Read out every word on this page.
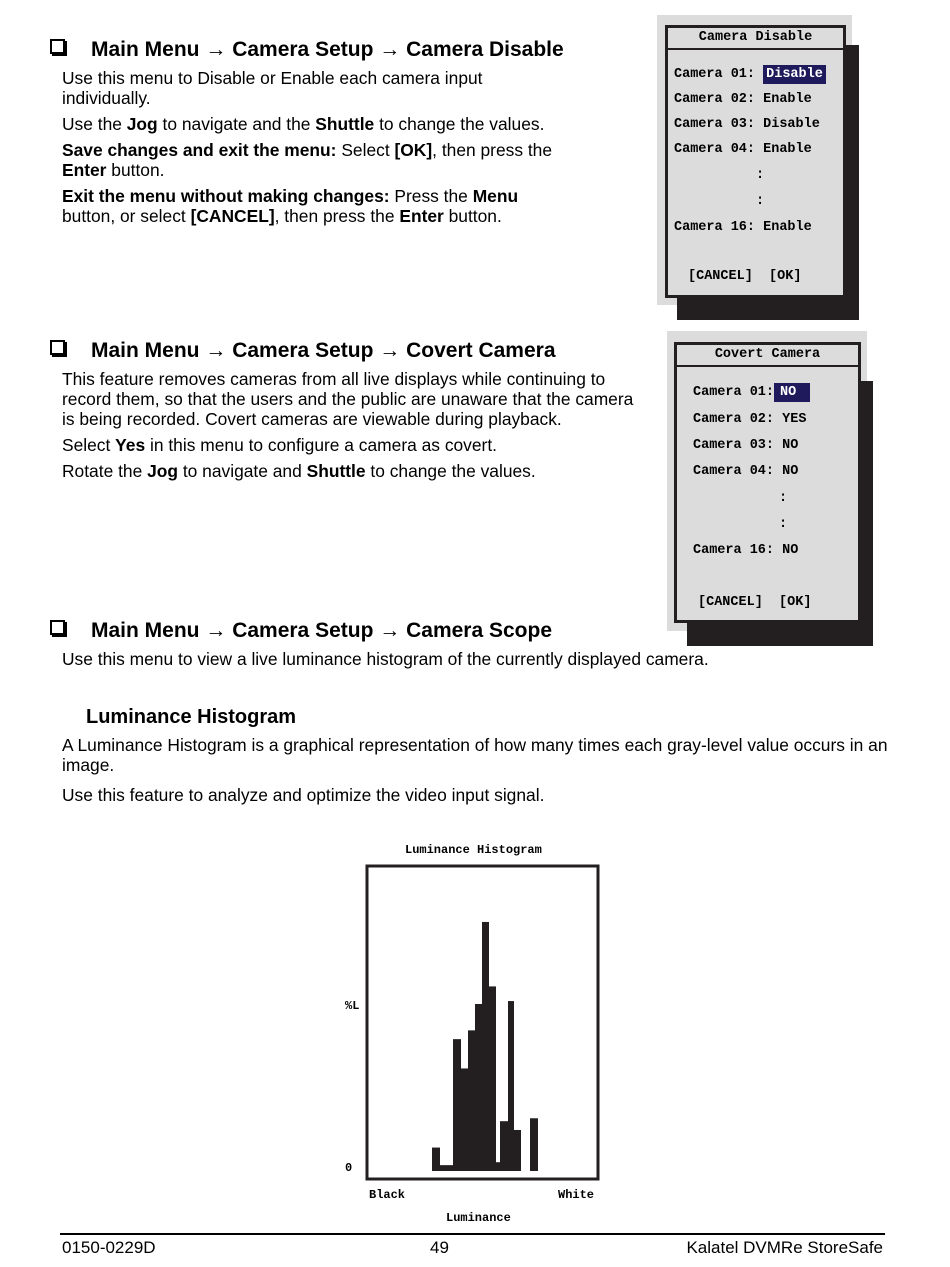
Main Menu → Camera Setup → Camera Disable

Use this menu to Disable or Enable each camera input individually.

Use the Jog to navigate and the Shuttle to change the values.

Save changes and exit the menu: Select [OK], then press the Enter button.

Exit the menu without making changes: Press the Menu button, or select [CANCEL], then press the Enter button.

Camera Disable
Camera 01: Disable
Camera 02: Enable
Camera 03: Disable
Camera 04: Enable
:
:
Camera 16: Enable
[CANCEL] [OK]
Main Menu → Camera Setup → Covert Camera

This feature removes cameras from all live displays while continuing to record them, so that the users and the public are unaware that the camera is being recorded. Covert cameras are viewable during playback.

Select Yes in this menu to configure a camera as covert.

Rotate the Jog to navigate and Shuttle to change the values.

Covert Camera
Camera 01: NO
Camera 02: YES
Camera 03: NO
Camera 04: NO
:
:
Camera 16: NO
[CANCEL] [OK]
Main Menu → Camera Setup → Camera Scope

Use this menu to view a live luminance histogram of the currently displayed camera.

Luminance Histogram

A Luminance Histogram is a graphical representation of how many times each gray-level value occurs in an image.

Use this feature to analyze and optimize the video input signal.

Luminance Histogram
%L
0
Black	White
Luminance
0150-0229D	49	Kalatel DVMRe StoreSafe
